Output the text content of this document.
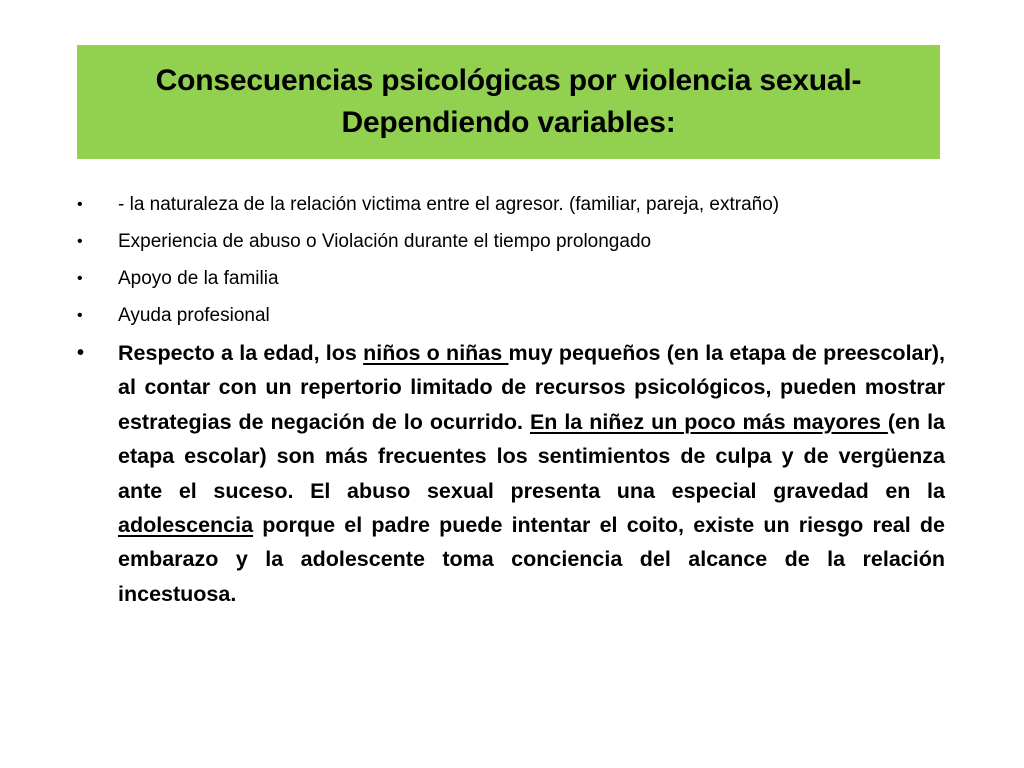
Consecuencias psicológicas por violencia sexual-
Dependiendo variables:
• - la naturaleza de la relación victima entre el agresor. (familiar, pareja, extraño)
• Experiencia de abuso o Violación durante el tiempo prolongado
• Apoyo de la familia
• Ayuda profesional
• Respecto a la edad, los niños o niñas muy pequeños (en la etapa de preescolar), al contar con un repertorio limitado de recursos psicológicos, pueden mostrar estrategias de negación de lo ocurrido. En la niñez un poco más mayores (en la etapa escolar) son más frecuentes los sentimientos de culpa y de vergüenza ante el suceso. El abuso sexual presenta una especial gravedad en la adolescencia porque el padre puede intentar el coito, existe un riesgo real de embarazo y la adolescente toma conciencia del alcance de la relación incestuosa.
